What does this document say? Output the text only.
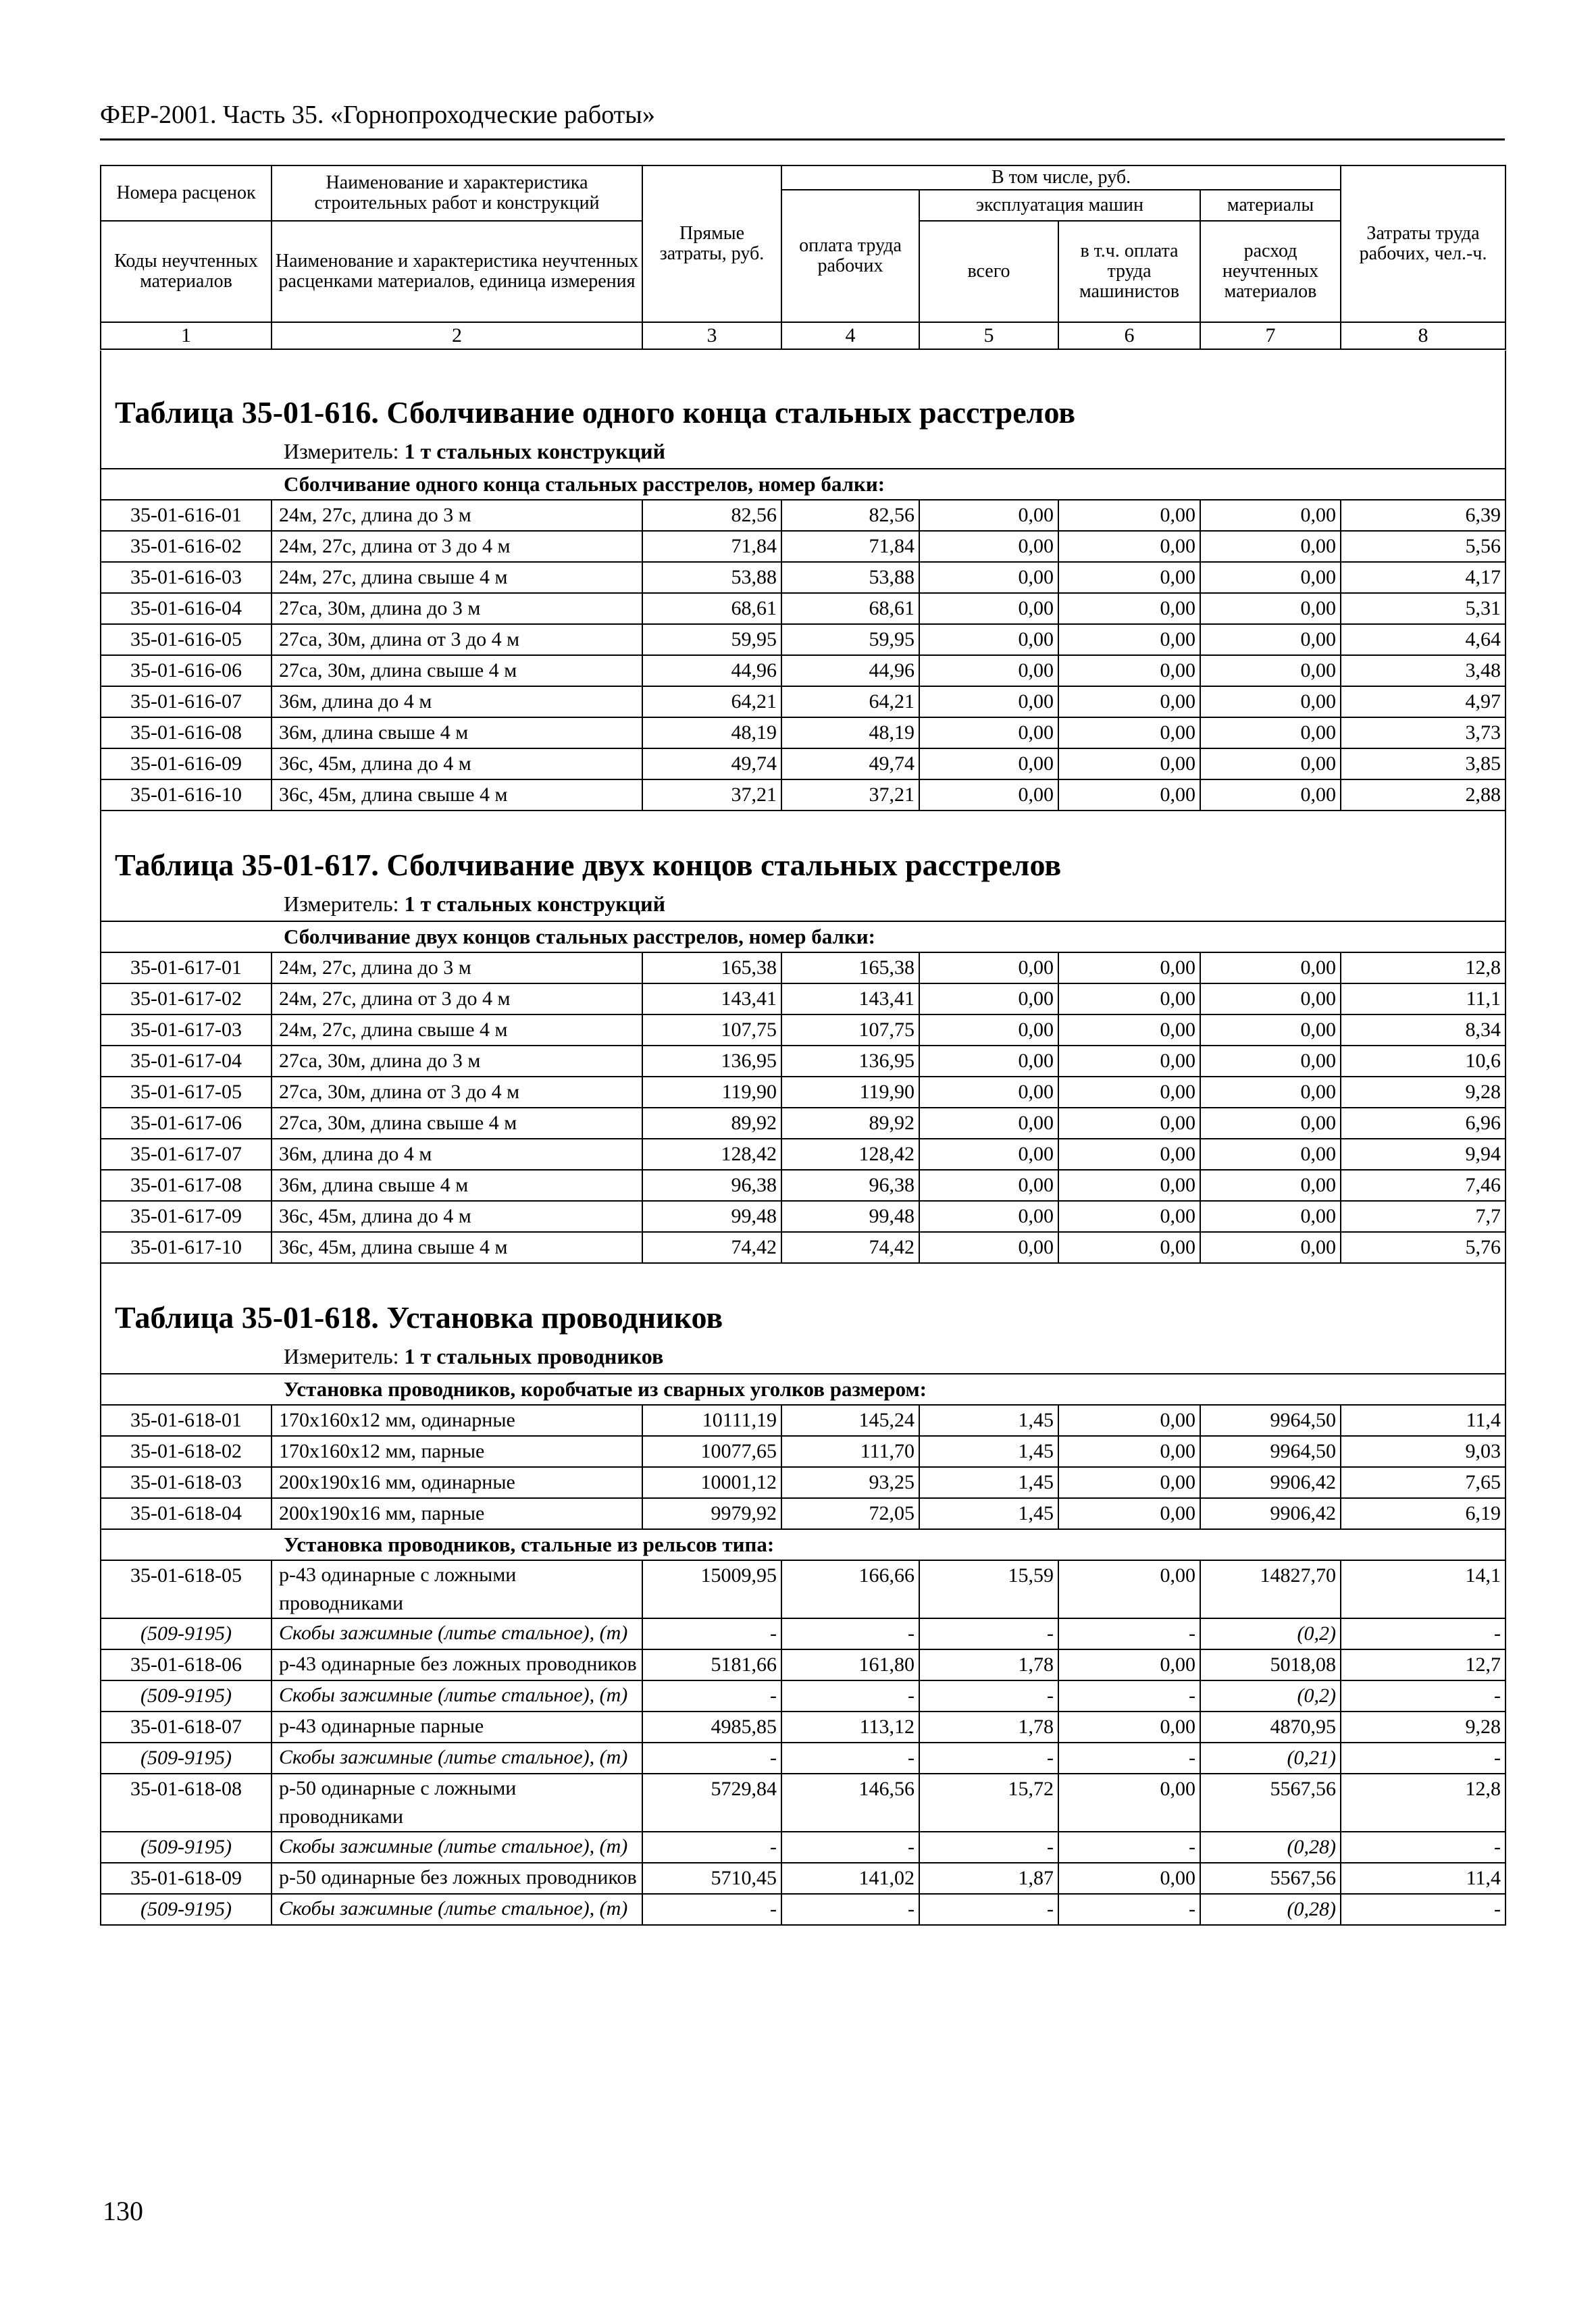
ФЕР-2001. Часть 35. «Горнопроходческие работы»
Номера расценок	Наименование и характеристика строительных работ и конструкций	Прямые затраты, руб.	В том числе, руб.				Затраты труда рабочих, чел.-ч.
			оплата труда рабочих	эксплуатация машин		материалы	
Коды неучтенных материалов	Наименование и характеристика неучтенных расценками материалов, единица измерения			всего	в т.ч. оплата труда машинистов	расход неучтенных материалов	

1	2	3	4	5	6	7	8

Таблица 35-01-616. Сболчивание одного конца стальных расстрелов							
Измеритель: 1 т стальных конструкций							
Сболчивание одного конца стальных расстрелов, номер балки:							
35-01-616-01	24м, 27с, длина до 3 м	82,56	82,56	0,00	0,00	0,00	6,39
35-01-616-02	24м, 27с, длина от 3 до 4 м	71,84	71,84	0,00	0,00	0,00	5,56
35-01-616-03	24м, 27с, длина свыше 4 м	53,88	53,88	0,00	0,00	0,00	4,17
35-01-616-04	27са, 30м, длина до 3 м	68,61	68,61	0,00	0,00	0,00	5,31
35-01-616-05	27са, 30м, длина от 3 до 4 м	59,95	59,95	0,00	0,00	0,00	4,64
35-01-616-06	27са, 30м, длина свыше 4 м	44,96	44,96	0,00	0,00	0,00	3,48
35-01-616-07	36м, длина до 4 м	64,21	64,21	0,00	0,00	0,00	4,97
35-01-616-08	36м, длина свыше 4 м	48,19	48,19	0,00	0,00	0,00	3,73
35-01-616-09	36с, 45м, длина до 4 м	49,74	49,74	0,00	0,00	0,00	3,85
35-01-616-10	36с, 45м, длина свыше 4 м	37,21	37,21	0,00	0,00	0,00	2,88

Таблица 35-01-617. Сболчивание двух концов стальных расстрелов							
Измеритель: 1 т стальных конструкций							
Сболчивание двух концов стальных расстрелов, номер балки:							
35-01-617-01	24м, 27с, длина до 3 м	165,38	165,38	0,00	0,00	0,00	12,8
35-01-617-02	24м, 27с, длина от 3 до 4 м	143,41	143,41	0,00	0,00	0,00	11,1
35-01-617-03	24м, 27с, длина свыше 4 м	107,75	107,75	0,00	0,00	0,00	8,34
35-01-617-04	27са, 30м, длина до 3 м	136,95	136,95	0,00	0,00	0,00	10,6
35-01-617-05	27са, 30м, длина от 3 до 4 м	119,90	119,90	0,00	0,00	0,00	9,28
35-01-617-06	27са, 30м, длина свыше 4 м	89,92	89,92	0,00	0,00	0,00	6,96
35-01-617-07	36м, длина до 4 м	128,42	128,42	0,00	0,00	0,00	9,94
35-01-617-08	36м, длина свыше 4 м	96,38	96,38	0,00	0,00	0,00	7,46
35-01-617-09	36с, 45м, длина до 4 м	99,48	99,48	0,00	0,00	0,00	7,7
35-01-617-10	36с, 45м, длина свыше 4 м	74,42	74,42	0,00	0,00	0,00	5,76

Таблица 35-01-618. Установка проводников							
Измеритель: 1 т стальных проводников							
Установка проводников, коробчатые из сварных уголков размером:							
35-01-618-01	170x160x12 мм, одинарные	10111,19	145,24	1,45	0,00	9964,50	11,4
35-01-618-02	170x160x12 мм, парные	10077,65	111,70	1,45	0,00	9964,50	9,03
35-01-618-03	200x190x16 мм, одинарные	10001,12	93,25	1,45	0,00	9906,42	7,65
35-01-618-04	200x190x16 мм, парные	9979,92	72,05	1,45	0,00	9906,42	6,19
Установка проводников, стальные из рельсов типа:							
35-01-618-05	р-43 одинарные с ложными проводниками	15009,95	166,66	15,59	0,00	14827,70	14,1
(509-9195)	Скобы зажимные (литье стальное), (т)	-	-	-	-	(0,2)	-
35-01-618-06	р-43 одинарные без ложных проводников	5181,66	161,80	1,78	0,00	5018,08	12,7
(509-9195)	Скобы зажимные (литье стальное), (т)	-	-	-	-	(0,2)	-
35-01-618-07	р-43 одинарные парные	4985,85	113,12	1,78	0,00	4870,95	9,28
(509-9195)	Скобы зажимные (литье стальное), (т)	-	-	-	-	(0,21)	-
35-01-618-08	р-50 одинарные с ложными проводниками	5729,84	146,56	15,72	0,00	5567,56	12,8
(509-9195)	Скобы зажимные (литье стальное), (т)	-	-	-	-	(0,28)	-
35-01-618-09	р-50 одинарные без ложных проводников	5710,45	141,02	1,87	0,00	5567,56	11,4
(509-9195)	Скобы зажимные (литье стальное), (т)	-	-	-	-	(0,28)	-
130
